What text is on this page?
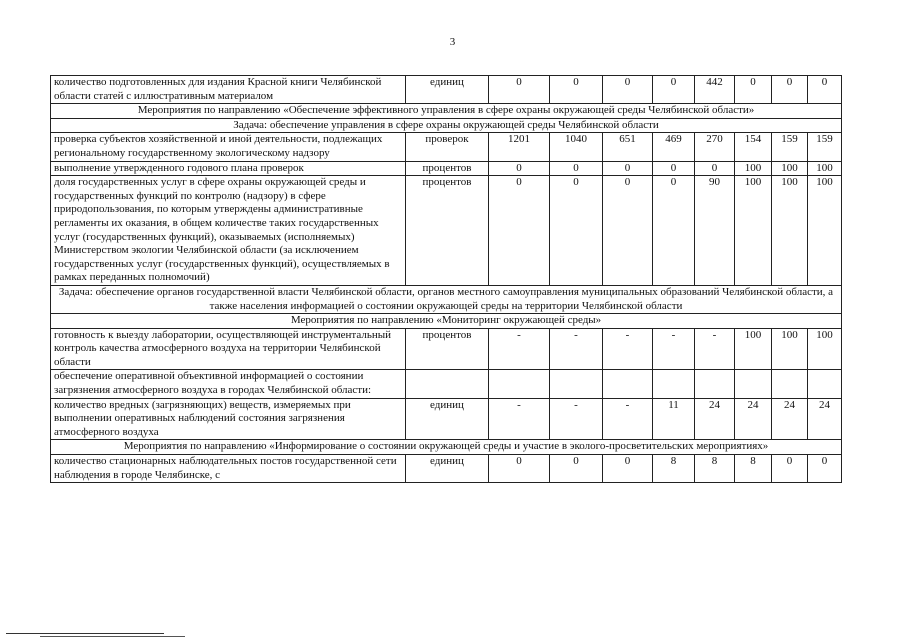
3
количество подготовленных для издания Красной книги Челябинской области статей с иллюстративным материалом	единиц	0	0	0	0	442	0	0	0
Мероприятия по направлению «Обеспечение эффективного управления в сфере охраны окружающей среды Челябинской области»									
Задача: обеспечение управления в сфере охраны окружающей среды Челябинской области									
проверка субъектов хозяйственной и иной деятельности, подлежащих региональному государственному экологическому надзору	проверок	1201	1040	651	469	270	154	159	159
выполнение утвержденного годового плана проверок	процентов	0	0	0	0	0	100	100	100
доля государственных услуг в сфере охраны окружающей среды и государственных функций по контролю (надзору) в сфере природопользования, по которым утверждены административные регламенты их оказания, в общем количестве таких государственных услуг (государственных функций), оказываемых (исполняемых) Министерством экологии Челябинской области (за исключением государственных услуг (государственных функций), осуществляемых в рамках переданных полномочий)	процентов	0	0	0	0	90	100	100	100
Задача: обеспечение органов государственной власти Челябинской области, органов местного самоуправления муниципальных образований Челябинской области, а также населения информацией о состоянии окружающей среды на территории Челябинской области									
Мероприятия по направлению «Мониторинг окружающей среды»									
готовность к выезду лаборатории, осуществляющей инструментальный контроль качества атмосферного воздуха на территории Челябинской области	процентов	-	-	-	-	-	100	100	100
обеспечение оперативной объективной информацией о состоянии загрязнения атмосферного воздуха в городах Челябинской области:									
количество вредных (загрязняющих) веществ, измеряемых при выполнении оперативных наблюдений состояния загрязнения атмосферного воздуха	единиц	-	-	-	11	24	24	24	24
Мероприятия по направлению «Информирование о состоянии окружающей среды и участие в эколого-просветительских мероприятиях»									
количество стационарных наблюдательных постов государственной сети наблюдения в городе Челябинске, с	единиц	0	0	0	8	8	8	0	0
